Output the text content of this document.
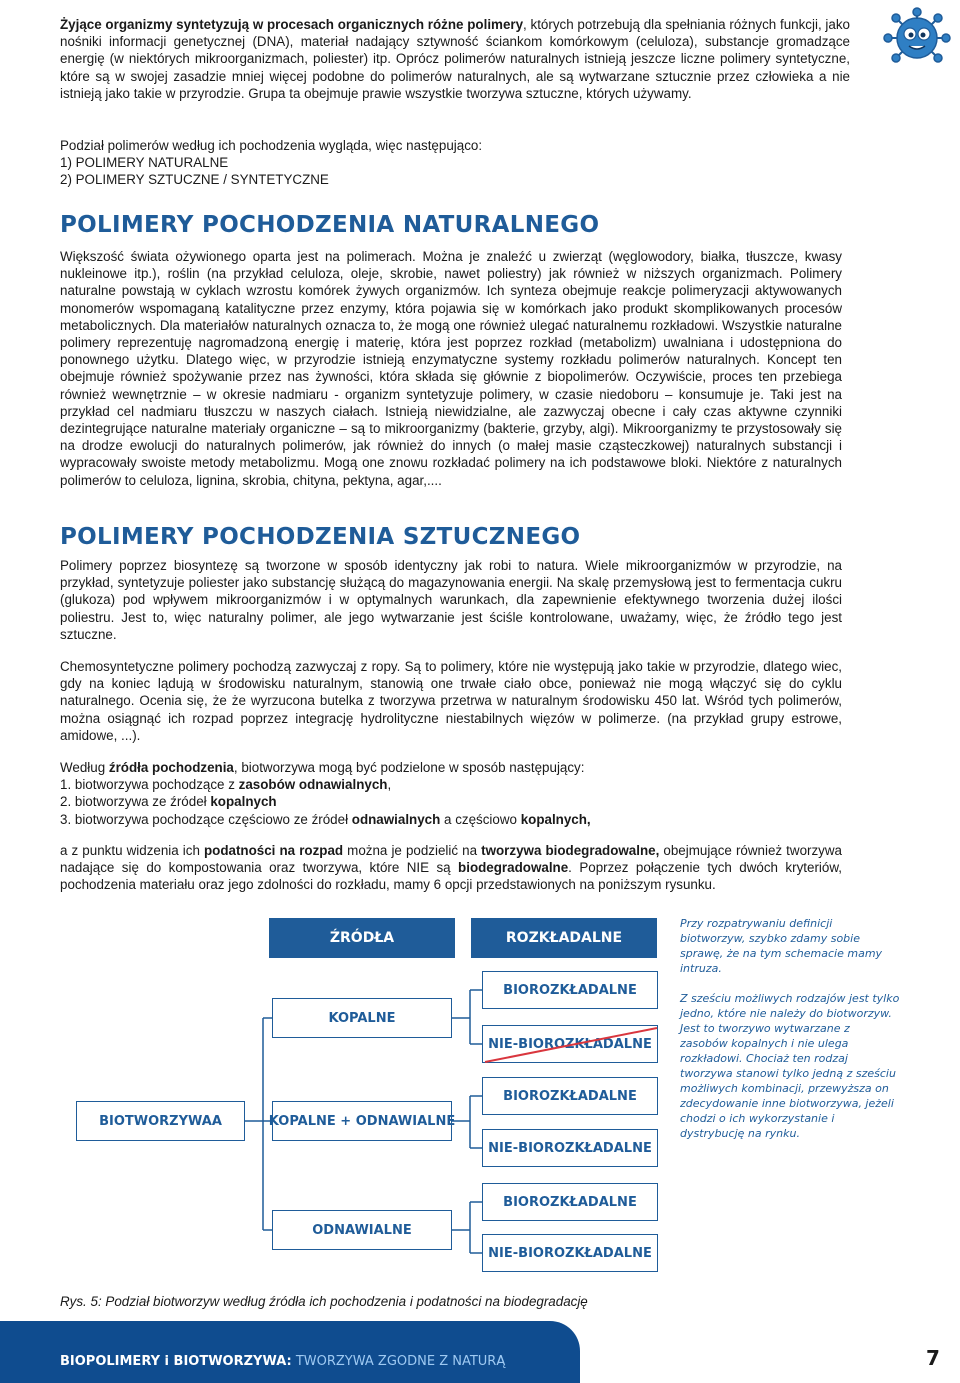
Żyjące organizmy syntetyzują w procesach organicznych różne polimery, których potrzebują dla spełniania różnych funkcji, jako nośniki informacji genetycznej (DNA), materiał nadający sztywność ściankom komórkowym (celuloza), substancje gromadzące energię (w niektórych mikroorganizmach, poliester) itp. Oprócz polimerów naturalnych istnieją jeszcze liczne polimery syntetyczne, które są w swojej zasadzie mniej więcej podobne do polimerów naturalnych, ale są wytwarzane sztucznie przez człowieka a nie istnieją jako takie w przyrodzie. Grupa ta obejmuje prawie wszystkie tworzywa sztuczne, których używamy.

Podział polimerów według ich pochodzenia wygląda, więc następująco:
1) POLIMERY NATURALNE
2) POLIMERY SZTUCZNE / SYNTETYCZNE
POLIMERY POCHODZENIA NATURALNEGO

Większość świata ożywionego oparta jest na polimerach. Można je znaleźć u zwierząt (węglowodory, białka, tłuszcze, kwasy nukleinowe itp.), roślin (na przykład celuloza, oleje, skrobie, nawet poliestry) jak również w niższych organizmach. Polimery naturalne powstają w cyklach wzrostu komórek żywych organizmów. Ich synteza obejmuje reakcje polimeryzacji aktywowanych monomerów wspomaganą katalityczne przez enzymy, która pojawia się w komórkach jako produkt skomplikowanych procesów metabolicznych. Dla materiałów naturalnych oznacza to, że mogą one również ulegać naturalnemu rozkładowi. Wszystkie naturalne polimery reprezentuję nagromadzoną energię i materię, która jest poprzez rozkład (metabolizm) uwalniana i udostępniona do ponownego użytku. Dlatego więc, w przyrodzie istnieją enzymatyczne systemy rozkładu polimerów naturalnych. Koncept ten obejmuje również spożywanie przez nas żywności, która składa się głównie z biopolimerów. Oczywiście, proces ten przebiega również wewnętrznie – w okresie nadmiaru - organizm syntetyzuje polimery, w czasie niedoboru – konsumuje je. Taki jest na przykład cel nadmiaru tłuszczu w naszych ciałach. Istnieją niewidzialne, ale zazwyczaj obecne i cały czas aktywne czynniki dezintegrujące naturalne materiały organiczne – są to mikroorganizmy (bakterie, grzyby, algi). Mikroorganizmy te przystosowały się na drodze ewolucji do naturalnych polimerów, jak również do innych (o małej masie cząsteczkowej) naturalnych substancji i wypracowały swoiste metody metabolizmu. Mogą one znowu rozkładać polimery na ich podstawowe bloki. Niektóre z naturalnych polimerów to celuloza, lignina, skrobia, chityna, pektyna, agar,....

POLIMERY POCHODZENIA SZTUCZNEGO

Polimery poprzez biosyntezę są tworzone w sposób identyczny jak robi to natura. Wiele mikroorganizmów w przyrodzie, na przykład, syntetyzuje poliester jako substancję służącą do magazynowania energii. Na skalę przemysłową jest to fermentacja cukru (glukoza) pod wpływem mikroorganizmów i w optymalnych warunkach, dla zapewnienie efektywnego tworzenia dużej ilości poliestru. Jest to, więc naturalny polimer, ale jego wytwarzanie jest ściśle kontrolowane, uważamy, więc, że źródło tego jest sztuczne.

Chemosyntetyczne polimery pochodzą zazwyczaj z ropy. Są to polimery, które nie występują jako takie w przyrodzie, dlatego wiec, gdy na koniec lądują w środowisku naturalnym, stanowią one trwałe ciało obce, ponieważ nie mogą włączyć się do cyklu naturalnego. Ocenia się, że że wyrzucona butelka z tworzywa przetrwa w naturalnym środowisku 450 lat. Wśród tych polimerów, można osiągnąć ich rozpad poprzez integrację hydrolityczne niestabilnych więzów w polimerze. (na przykład grupy estrowe, amidowe, ...).

Według źródła pochodzenia, biotworzywa mogą być podzielone w sposób następujący:
1. biotworzywa pochodzące z zasobów odnawialnych,
2. biotworzywa ze źródeł kopalnych
3. biotworzywa pochodzące częściowo ze źródeł odnawialnych a częściowo kopalnych,

a z punktu widzenia ich podatności na rozpad można je podzielić na tworzywa biodegradowalne, obejmujące również tworzywa nadające się do kompostowania oraz tworzywa, które NIE są biodegradowalne. Poprzez połączenie tych dwóch kryteriów, pochodzenia materiału oraz jego zdolności do rozkładu, mamy 6 opcji przedstawionych na poniższym rysunku.

ŹRÓDŁA	ROZKŁADALNE
BIOTWORZYWAA
KOPALNE
KOPALNE + ODNAWIALNE
ODNAWIALNE
BIOROZKŁADALNE
NIE-BIOROZKŁADALNE
BIOROZKŁADALNE
NIE-BIOROZKŁADALNE
BIOROZKŁADALNE
NIE-BIOROZKŁADALNE

Przy rozpatrywaniu definicji biotworzyw, szybko zdamy sobie sprawę, że na tym schemacie mamy intruza.

Z sześciu możliwych rodzajów jest tylko jedno, które nie należy do biotworzyw. Jest to tworzywo wytwarzane z zasobów kopalnych i nie ulega rozkładowi. Chociaż ten rodzaj tworzywa stanowi tylko jedną z sześciu możliwych kombinacji, przewyższa on zdecydowanie inne biotworzywa, jeżeli chodzi o ich wykorzystanie i dystrybucję na rynku.

Rys. 5: Podział biotworzyw według źródła ich pochodzenia i podatności na biodegradację

BIOPOLIMERY i BIOTWORZYWA: TWORZYWA ZGODNE Z NATURĄ	7
